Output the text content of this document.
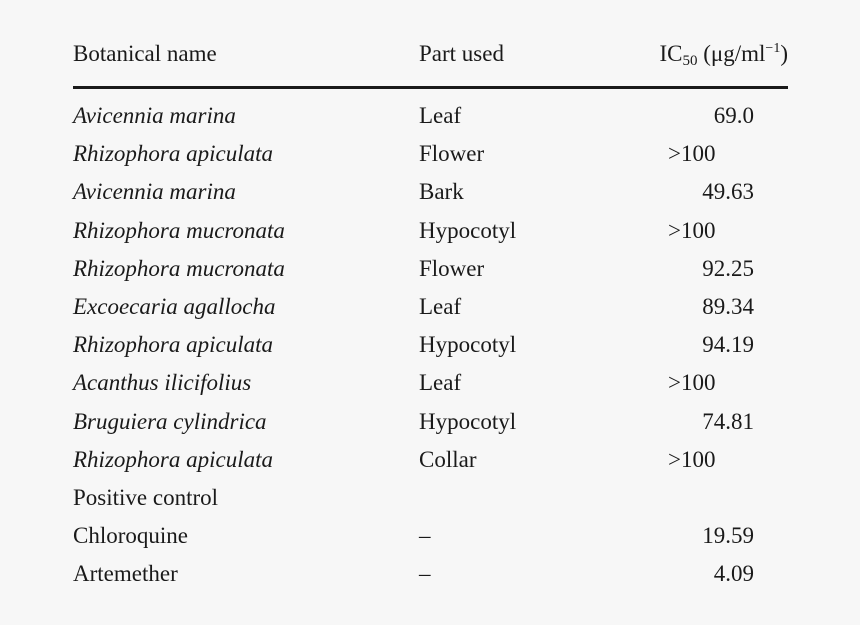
Botanical name	Part used	$IC_{50}$ $(\mu g/ml^{-1})$
Avicennia marina	Leaf	69.0
Rhizophora apiculata	Flower	>100
Avicennia marina	Bark	49.63
Rhizophora mucronata	Hypocotyl	>100
Rhizophora mucronata	Flower	92.25
Excoecaria agallocha	Leaf	89.34
Rhizophora apiculata	Hypocotyl	94.19
Acanthus ilicifolius	Leaf	>100
Bruguiera cylindrica	Hypocotyl	74.81
Rhizophora apiculata	Collar	>100
Positive control
Chloroquine	–	19.59
Artemether	–	4.09
